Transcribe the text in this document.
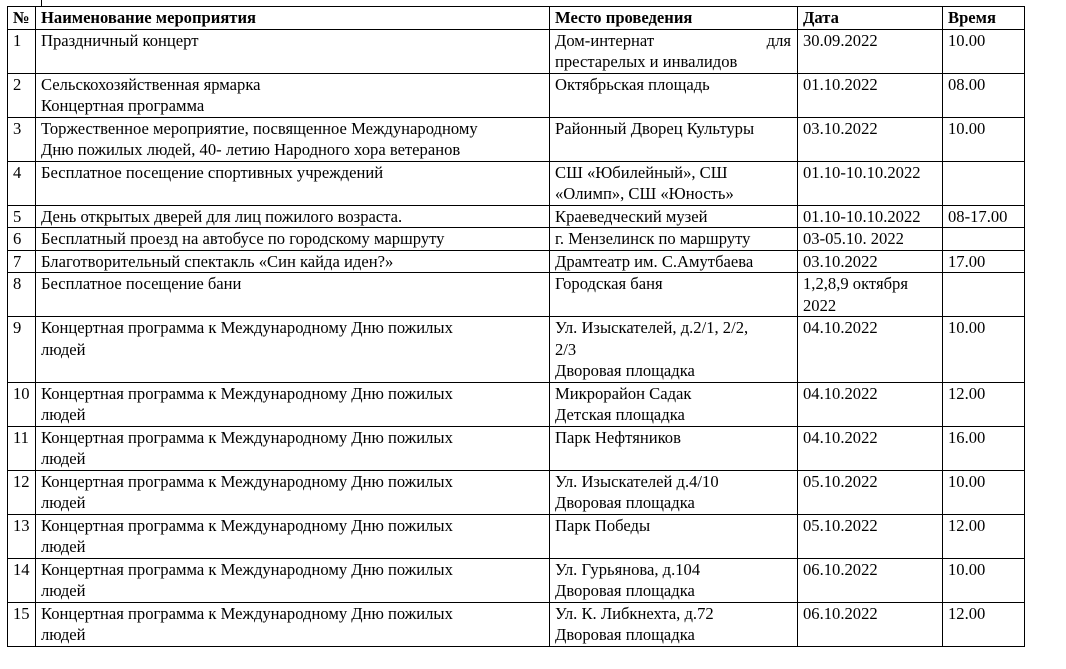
№	Наименование мероприятия	Место проведения	Дата	Время

1	Праздничный концерт	Дом-интернат для
престарелых и инвалидов	30.09.2022	10.00

2	Сельскохозяйственная ярмарка
Концертная программа	Октябрьская площадь	01.10.2022	08.00

3	Торжественное мероприятие, посвященное Международному
Дню пожилых людей, 40- летию Народного хора ветеранов	Районный Дворец Культуры	03.10.2022	10.00

4	Бесплатное посещение спортивных учреждений	СШ «Юбилейный», СШ
«Олимп», СШ «Юность»	01.10-10.10.2022	

5	День открытых дверей для лиц пожилого возраста.	Краеведческий музей	01.10-10.10.2022	08-17.00

6	Бесплатный проезд на автобусе по городскому маршруту	г. Мензелинск по маршруту	03-05.10. 2022	

7	Благотворительный спектакль «Син кайда иден?»	Драмтеатр им. С.Амутбаева	03.10.2022	17.00

8	Бесплатное посещение бани	Городская баня	1,2,8,9 октября
2022	

9	Концертная программа к Международному Дню пожилых
людей	Ул. Изыскателей, д.2/1, 2/2,
2/3
Дворовая площадка	04.10.2022	10.00

10	Концертная программа к Международному Дню пожилых
людей	Микрорайон Садак
Детская площадка	04.10.2022	12.00

11	Концертная программа к Международному Дню пожилых
людей	Парк Нефтяников	04.10.2022	16.00

12	Концертная программа к Международному Дню пожилых
людей	Ул. Изыскателей д.4/10
Дворовая площадка	05.10.2022	10.00

13	Концертная программа к Международному Дню пожилых
людей	Парк Победы	05.10.2022	12.00

14	Концертная программа к Международному Дню пожилых
людей	Ул. Гурьянова, д.104
Дворовая площадка	06.10.2022	10.00

15	Концертная программа к Международному Дню пожилых
людей	Ул. К. Либкнехта, д.72
Дворовая площадка	06.10.2022	12.00
